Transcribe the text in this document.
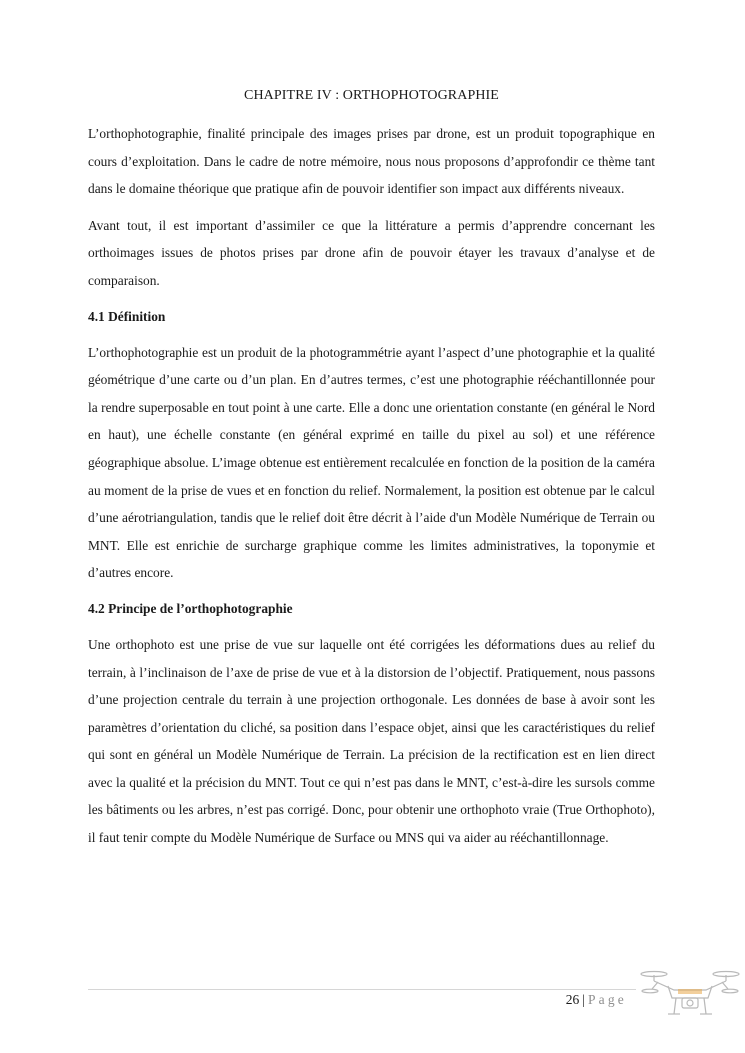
CHAPITRE IV : ORTHOPHOTOGRAPHIE

L’orthophotographie, finalité principale des images prises par drone, est un produit topographique en cours d’exploitation. Dans le cadre de notre mémoire, nous nous proposons d’approfondir ce thème tant dans le domaine théorique que pratique afin de pouvoir identifier son impact aux différents niveaux.

Avant tout, il est important d’assimiler ce que la littérature a permis d’apprendre concernant les orthoimages issues de photos prises par drone afin de pouvoir étayer les travaux d’analyse et de comparaison.

4.1 Définition

L’orthophotographie est un produit de la photogrammétrie ayant l’aspect d’une photographie et la qualité géométrique d’une carte ou d’un plan. En d’autres termes, c’est une photographie rééchantillonnée pour la rendre superposable en tout point à une carte. Elle a donc une orientation constante (en général le Nord en haut), une échelle constante (en général exprimé en taille du pixel au sol) et une référence géographique absolue. L’image obtenue est entièrement recalculée en fonction de la position de la caméra au moment de la prise de vues et en fonction du relief. Normalement, la position est obtenue par le calcul d’une aérotriangulation, tandis que le relief doit être décrit à l’aide d'un Modèle Numérique de Terrain ou MNT. Elle est enrichie de surcharge graphique comme les limites administratives, la toponymie et d’autres encore.

4.2 Principe de l’orthophotographie

Une orthophoto est une prise de vue sur laquelle ont été corrigées les déformations dues au relief du terrain, à l’inclinaison de l’axe de prise de vue et à la distorsion de l’objectif. Pratiquement, nous passons d’une projection centrale du terrain à une projection orthogonale. Les données de base à avoir sont les paramètres d’orientation du cliché, sa position dans l’espace objet, ainsi que les caractéristiques du relief qui sont en général un Modèle Numérique de Terrain. La précision de la rectification est en lien direct avec la qualité et la précision du MNT. Tout ce qui n’est pas dans le MNT, c’est-à-dire les sursols comme les bâtiments ou les arbres, n’est pas corrigé. Donc, pour obtenir une orthophoto vraie (True Orthophoto), il faut tenir compte du Modèle Numérique de Surface ou MNS qui va aider au rééchantillonnage.

26 | Page
